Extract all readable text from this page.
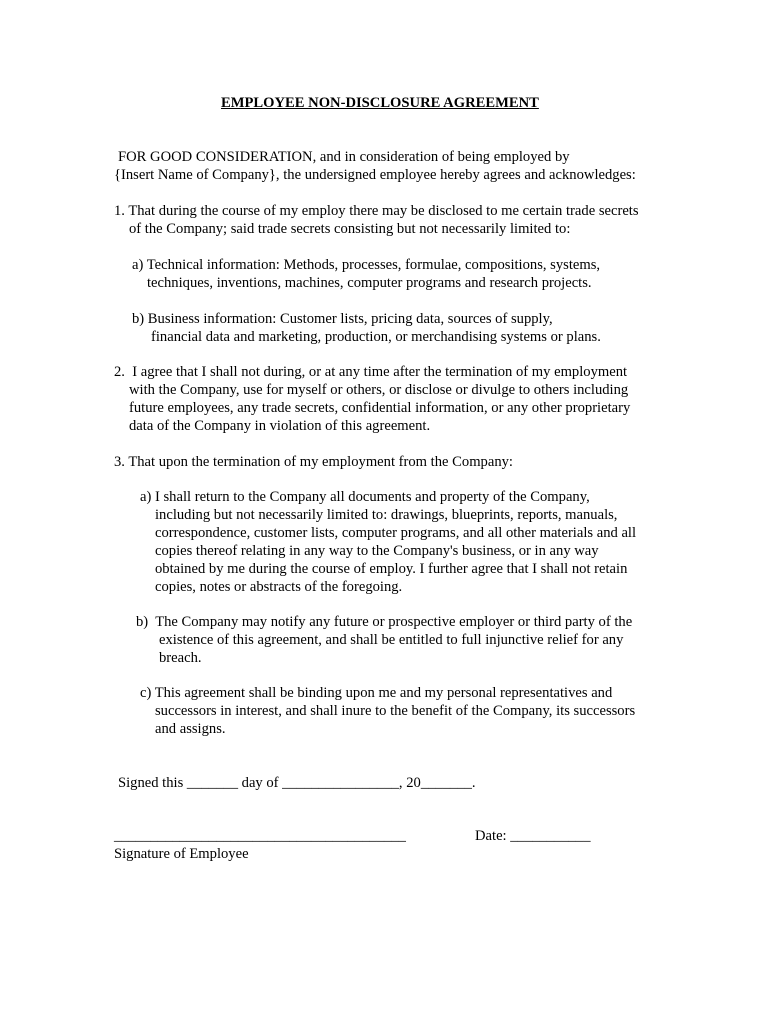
EMPLOYEE NON-DISCLOSURE AGREEMENT
FOR GOOD CONSIDERATION, and in consideration of being employed by
{Insert Name of Company}, the undersigned employee hereby agrees and acknowledges:
1. That during the course of my employ there may be disclosed to me certain trade secrets
of the Company; said trade secrets consisting but not necessarily limited to:
a) Technical information: Methods, processes, formulae, compositions, systems,
techniques, inventions, machines, computer programs and research projects.
b) Business information: Customer lists, pricing data, sources of supply,
financial data and marketing, production, or merchandising systems or plans.
2.  I agree that I shall not during, or at any time after the termination of my employment
with the Company, use for myself or others, or disclose or divulge to others including
future employees, any trade secrets, confidential information, or any other proprietary
data of the Company in violation of this agreement.
3. That upon the termination of my employment from the Company:
a) I shall return to the Company all documents and property of the Company,
including but not necessarily limited to: drawings, blueprints, reports, manuals,
correspondence, customer lists, computer programs, and all other materials and all
copies thereof relating in any way to the Company's business, or in any way
obtained by me during the course of employ. I further agree that I shall not retain
copies, notes or abstracts of the foregoing.
b)  The Company may notify any future or prospective employer or third party of the
existence of this agreement, and shall be entitled to full injunctive relief for any
breach.
c) This agreement shall be binding upon me and my personal representatives and
successors in interest, and shall inure to the benefit of the Company, its successors
and assigns.
Signed this _______ day of ________________, 20_______.
________________________________________	Date: ___________
Signature of Employee
